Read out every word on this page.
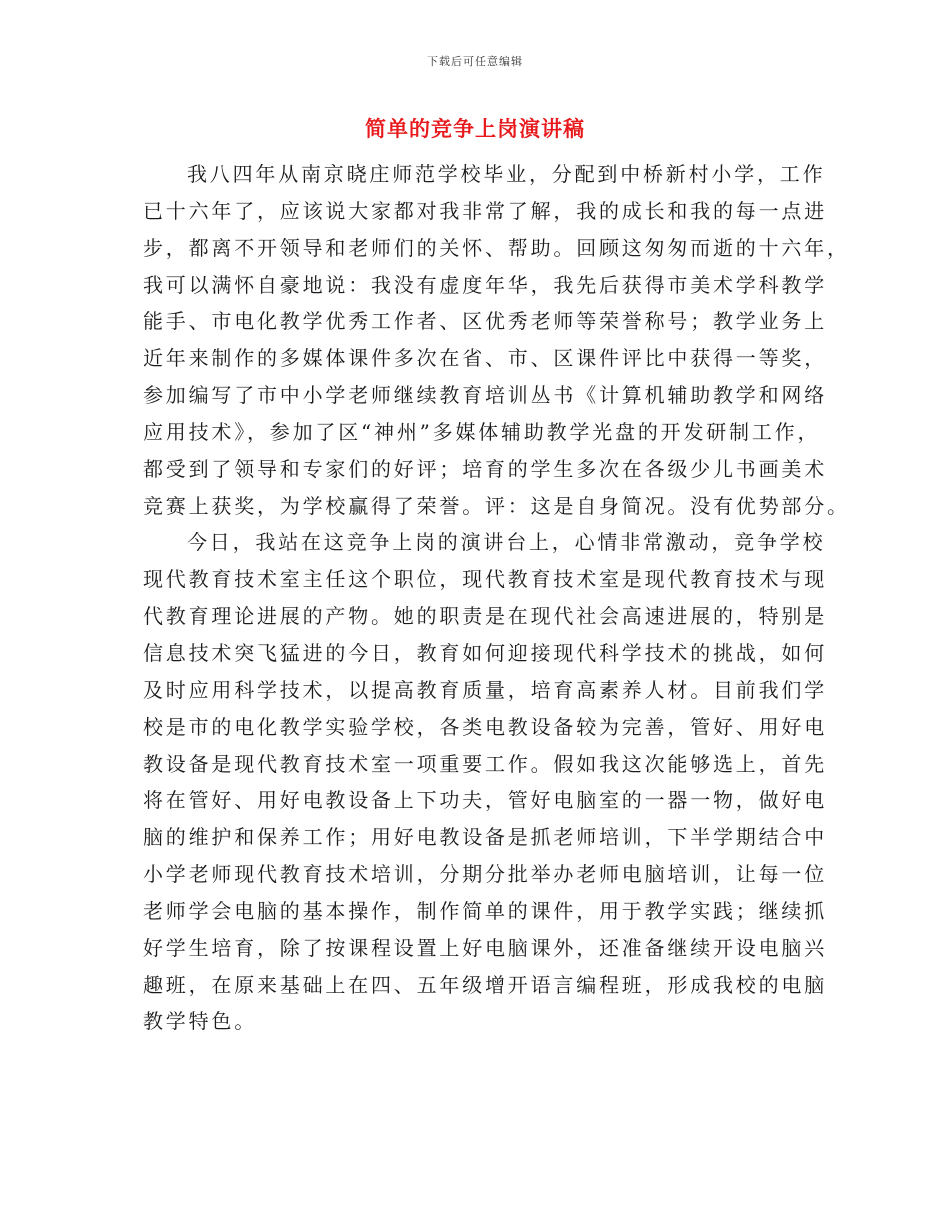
下载后可任意编辑
简单的竞争上岗演讲稿
我八四年从南京晓庄师范学校毕业，分配到中桥新村小学，工作
已十六年了，应该说大家都对我非常了解，我的成长和我的每一点进
步，都离不开领导和老师们的关怀、帮助。回顾这匆匆而逝的十六年，
我可以满怀自豪地说：我没有虚度年华，我先后获得市美术学科教学
能手、市电化教学优秀工作者、区优秀老师等荣誉称号；教学业务上
近年来制作的多媒体课件多次在省、市、区课件评比中获得一等奖，
参加编写了市中小学老师继续教育培训丛书《计算机辅助教学和网络
应用技术》，参加了区“神州”多媒体辅助教学光盘的开发研制工作，
都受到了领导和专家们的好评；培育的学生多次在各级少儿书画美术
竞赛上获奖，为学校赢得了荣誉。评：这是自身简况。没有优势部分。
今日，我站在这竞争上岗的演讲台上，心情非常激动，竞争学校
现代教育技术室主任这个职位，现代教育技术室是现代教育技术与现
代教育理论进展的产物。她的职责是在现代社会高速进展的，特别是
信息技术突飞猛进的今日，教育如何迎接现代科学技术的挑战，如何
及时应用科学技术，以提高教育质量，培育高素养人材。目前我们学
校是市的电化教学实验学校，各类电教设备较为完善，管好、用好电
教设备是现代教育技术室一项重要工作。假如我这次能够选上，首先
将在管好、用好电教设备上下功夫，管好电脑室的一器一物，做好电
脑的维护和保养工作；用好电教设备是抓老师培训，下半学期结合中
小学老师现代教育技术培训，分期分批举办老师电脑培训，让每一位
老师学会电脑的基本操作，制作简单的课件，用于教学实践；继续抓
好学生培育，除了按课程设置上好电脑课外，还准备继续开设电脑兴
趣班，在原来基础上在四、五年级增开语言编程班，形成我校的电脑
教学特色。
